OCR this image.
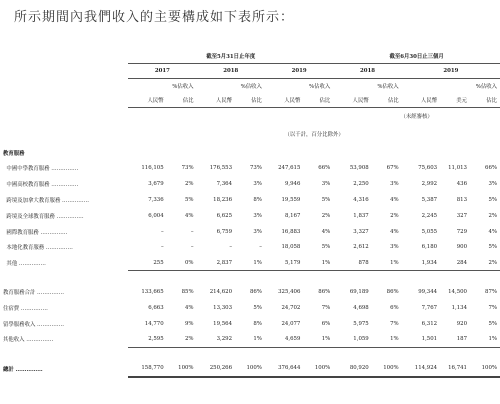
所示期間內我們收入的主要構成如下表所示：

	截至5月31日止年度						截至6月30日止三個月				
	2017		2018		2019		2018		2019		
		%佔收入		%佔收入		%佔收入		%佔收入			%佔收入
	人民幣	佔比	人民幣	佔比	人民幣	佔比	人民幣	佔比	人民幣	美元	佔比
							（未經審核）				
	（以千計，百分比除外）										
教育服務											
中國中學教育服務 ……………	116,105	73%	176,553	73%	247,615	66%	53,908	67%	75,603	11,013	66%
中國高校教育服務 ……………	3,679	2%	7,364	3%	9,946	3%	2,250	3%	2,992	436	3%
跨境及加拿大教育服務 ……………	7,336	5%	18,236	8%	19,559	5%	4,316	4%	5,387	813	5%
跨境及全球教育服務 ……………	6,004	4%	6,625	3%	8,167	2%	1,837	2%	2,245	327	2%
國際教育服務 ……………	–	–	6,759	3%	16,883	4%	3,327	4%	5,055	729	4%
本地化教育服務 ……………	–	–	–	–	18,058	5%	2,612	3%	6,180	900	5%
其他 ……………	255	0%	2,837	1%	5,179	1%	878	1%	1,934	284	2%

教育服務合計 ……………	133,665	85%	214,620	86%	325,406	86%	69,189	86%	99,344	14,500	87%
住宿費 ……………	6,663	4%	13,303	5%	24,702	7%	4,698	6%	7,767	1,134	7%
留學服務收入 ……………	14,770	9%	19,564	8%	24,077	6%	5,975	7%	6,312	920	5%
其他收入 ……………	2,595	2%	3,292	1%	4,659	1%	1,059	1%	1,501	187	1%

總計 ……………	158,770	100%	250,266	100%	376,644	100%	80,920	100%	114,924	16,741	100%
